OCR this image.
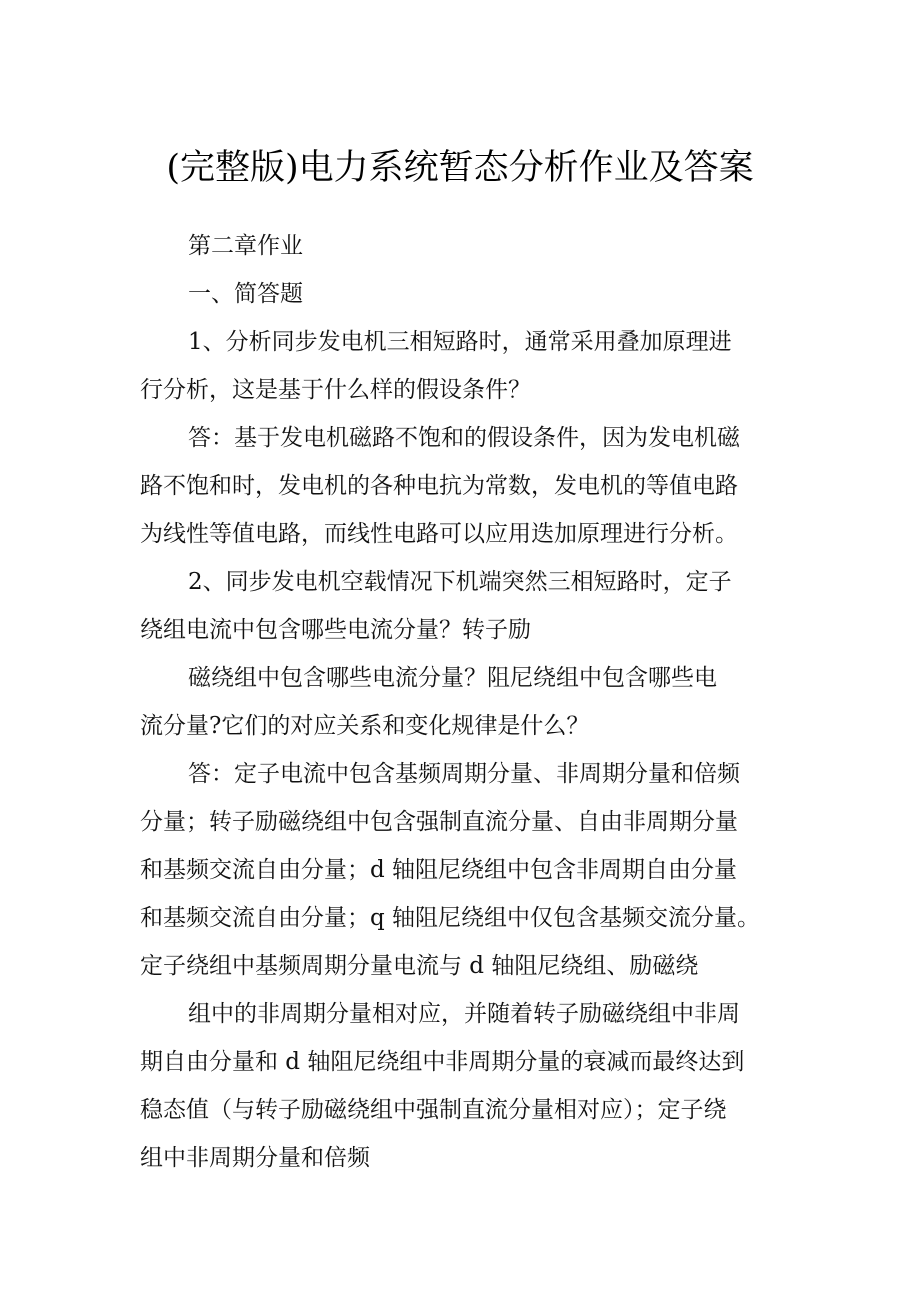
(完整版)电力系统暂态分析作业及答案
第二章作业
一、简答题
1、分析同步发电机三相短路时，通常采用叠加原理进
行分析，这是基于什么样的假设条件？
答：基于发电机磁路不饱和的假设条件，因为发电机磁
路不饱和时，发电机的各种电抗为常数，发电机的等值电路
为线性等值电路，而线性电路可以应用迭加原理进行分析。
2、同步发电机空载情况下机端突然三相短路时，定子
绕组电流中包含哪些电流分量？转子励
磁绕组中包含哪些电流分量？阻尼绕组中包含哪些电
流分量?它们的对应关系和变化规律是什么？
答：定子电流中包含基频周期分量、非周期分量和倍频
分量；转子励磁绕组中包含强制直流分量、自由非周期分量
和基频交流自由分量；d 轴阻尼绕组中包含非周期自由分量
和基频交流自由分量；q 轴阻尼绕组中仅包含基频交流分量。
定子绕组中基频周期分量电流与 d 轴阻尼绕组、励磁绕
组中的非周期分量相对应，并随着转子励磁绕组中非周
期自由分量和 d 轴阻尼绕组中非周期分量的衰减而最终达到
稳态值（与转子励磁绕组中强制直流分量相对应）；定子绕
组中非周期分量和倍频
